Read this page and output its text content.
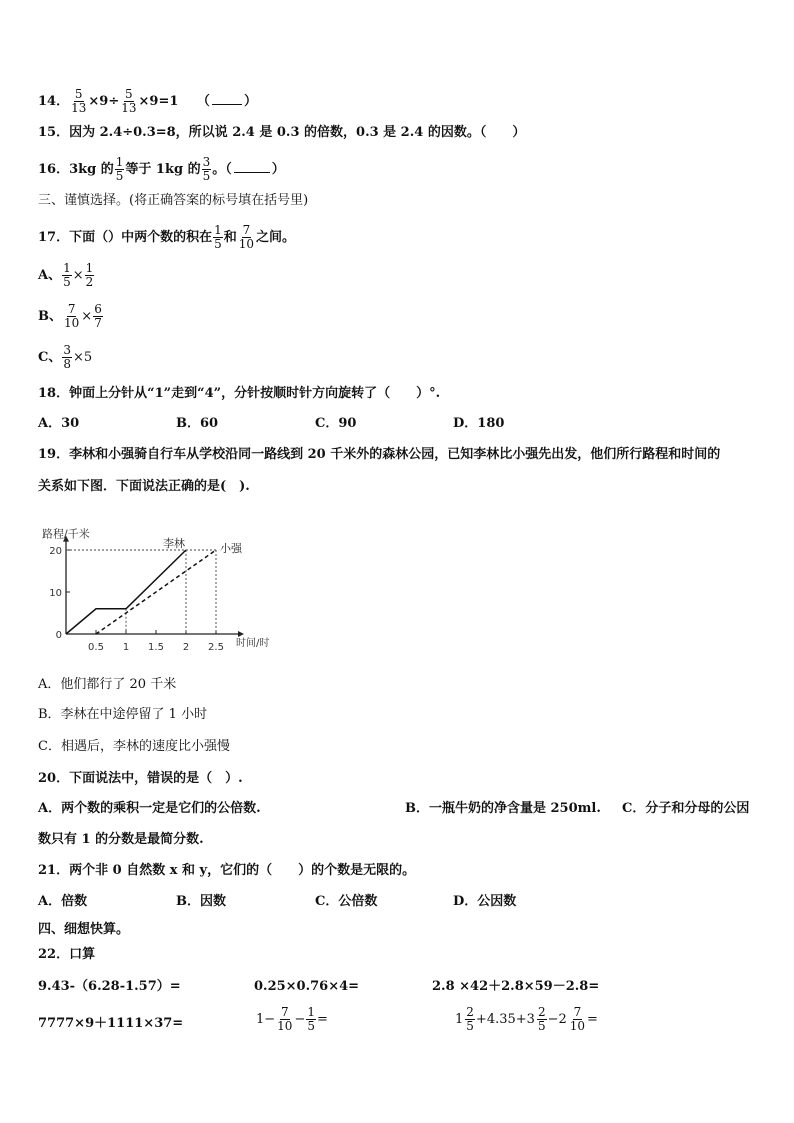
14． $\frac{5}{13} \times 9\div \frac{5}{13} \times 9=1$ （	）
15．因为 2.4÷0.3=8，所以说 2.4 是 0.3 的倍数，0.3 是 2.4 的因数。（　　）
16．3kg 的 $\frac{1}{5}$ 等于 1kg 的 $\frac{3}{5}$ 。（	）
三、谨慎选择。(将正确答案的标号填在括号里)
17．下面（）中两个数的积在 $\frac{1}{5}$ 和 $\frac{7}{10}$ 之间。
A、 $\frac{1}{5} \times \frac{1}{2}$
B、 $\frac{7}{10} \times \frac{6}{7}$
C、 $\frac{3}{8} \times 5$
18．钟面上分针从“1”走到“4”，分针按顺时针方向旋转了（　　）°.
A．30	B．60	C．90	D．180
19．李林和小强骑自行车从学校沿同一路线到 20 千米外的森林公园，已知李林比小强先出发，他们所行路程和时间的
关系如下图．下面说法正确的是(　).
路程/千米
时间/时
0
10
20
0.5 1 1.5 2 2.5
李林	小强
A．他们都行了 20 千米
B．李林在中途停留了 1 小时
C．相遇后，李林的速度比小强慢
20．下面说法中，错误的是（　）.
A．两个数的乘积一定是它们的公倍数.	B．一瓶牛奶的净含量是 250ml. C．分子和分母的公因
数只有 1 的分数是最简分数.
21．两个非 0 自然数 x 和 y，它们的（　　）的个数是无限的。
A．倍数	B．因数	C．公倍数	D．公因数
四、细想快算。
22．口算
9.43-（6.28-1.57）=	0.25×0.76×4=	2.8 ×42＋2.8×59－2.8=
7777×9＋1111×37=	$1- \frac{7}{10} - \frac{1}{5}$ =	$1 \frac{2}{5} +4.35+ 3 \frac{2}{5} - 2 \frac{7}{10}$ =
